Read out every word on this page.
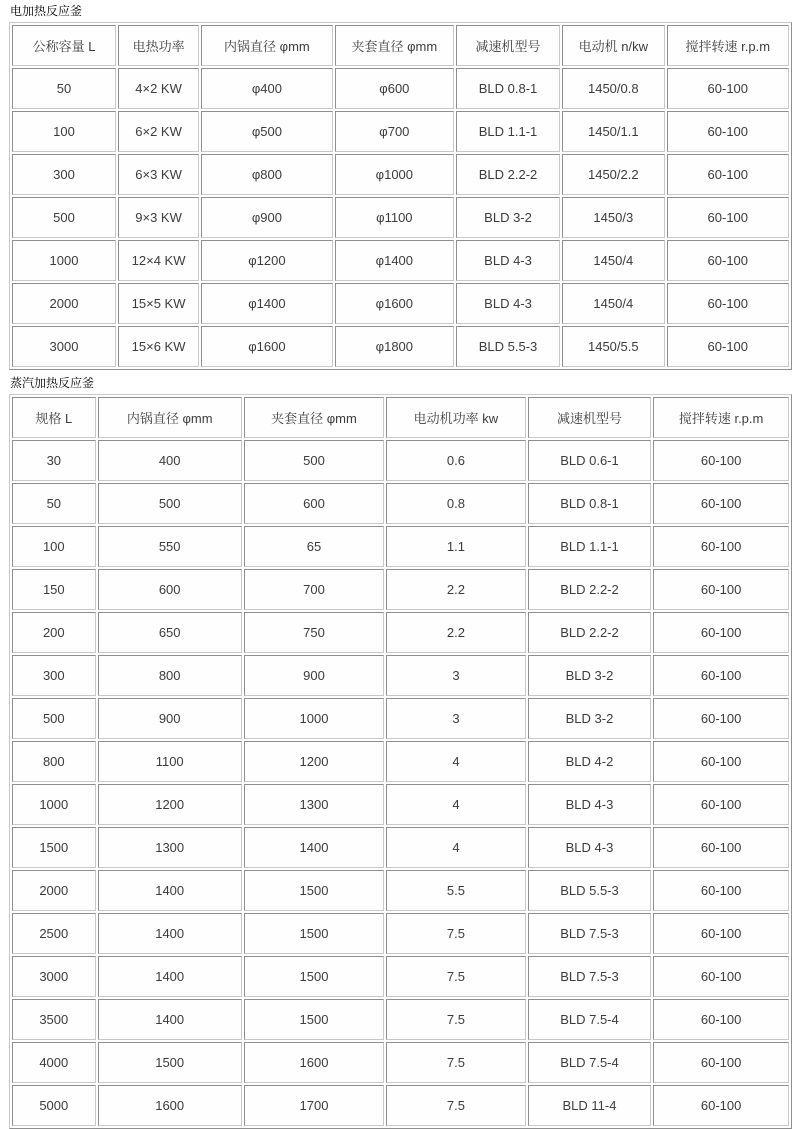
电加热反应釜
公称容量 L	电热功率	内锅直径 φmm	夹套直径 φmm	减速机型号	电动机 n/kw	搅拌转速 r.p.m
50	4×2 KW	φ400	φ600	BLD 0.8-1	1450/0.8	60-100
100	6×2 KW	φ500	φ700	BLD 1.1-1	1450/1.1	60-100
300	6×3 KW	φ800	φ1000	BLD 2.2-2	1450/2.2	60-100
500	9×3 KW	φ900	φ1100	BLD 3-2	1450/3	60-100
1000	12×4 KW	φ1200	φ1400	BLD 4-3	1450/4	60-100
2000	15×5 KW	φ1400	φ1600	BLD 4-3	1450/4	60-100
3000	15×6 KW	φ1600	φ1800	BLD 5.5-3	1450/5.5	60-100
蒸汽加热反应釜
规格 L	内锅直径 φmm	夹套直径 φmm	电动机功率 kw	减速机型号	搅拌转速 r.p.m
30	400	500	0.6	BLD 0.6-1	60-100
50	500	600	0.8	BLD 0.8-1	60-100
100	550	65	1.1	BLD 1.1-1	60-100
150	600	700	2.2	BLD 2.2-2	60-100
200	650	750	2.2	BLD 2.2-2	60-100
300	800	900	3	BLD 3-2	60-100
500	900	1000	3	BLD 3-2	60-100
800	1100	1200	4	BLD 4-2	60-100
1000	1200	1300	4	BLD 4-3	60-100
1500	1300	1400	4	BLD 4-3	60-100
2000	1400	1500	5.5	BLD 5.5-3	60-100
2500	1400	1500	7.5	BLD 7.5-3	60-100
3000	1400	1500	7.5	BLD 7.5-3	60-100
3500	1400	1500	7.5	BLD 7.5-4	60-100
4000	1500	1600	7.5	BLD 7.5-4	60-100
5000	1600	1700	7.5	BLD 11-4	60-100
